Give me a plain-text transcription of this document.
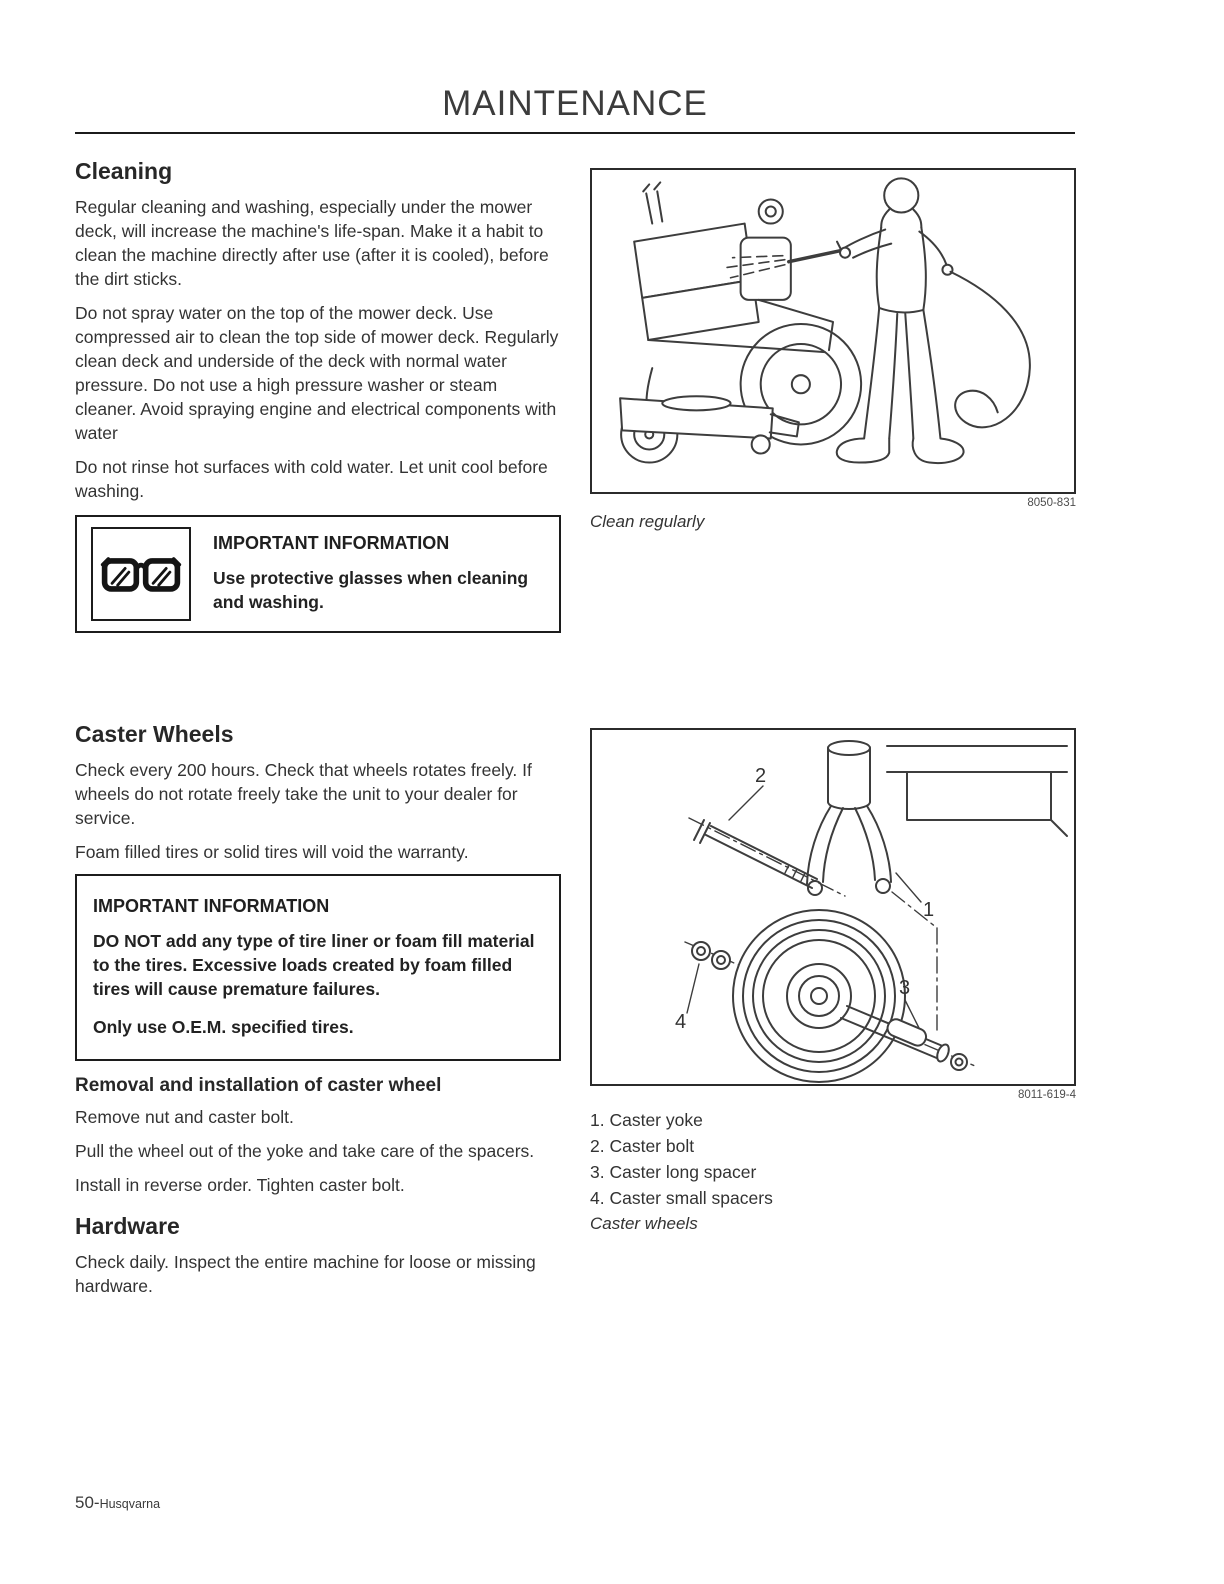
MAINTENANCE
Cleaning

Regular cleaning and washing, especially under the mower deck, will increase the machine's life-span. Make it a habit to clean the machine directly after use (after it is cooled), before the dirt sticks.

Do not spray water on the top of the mower deck. Use compressed air to clean the top side of mower deck. Regularly clean deck and underside of the deck with normal water pressure. Do not use a high pressure washer or steam cleaner. Avoid spraying engine and electrical components with water

Do not rinse hot surfaces with cold water. Let unit cool before washing.

IMPORTANT INFORMATION
Use protective glasses when cleaning and washing.
Caster Wheels

Check every 200 hours. Check that wheels rotates freely. If wheels do not rotate freely take the unit to your dealer for service.

Foam filled tires or solid tires will void the warranty.

IMPORTANT INFORMATION
DO NOT add any type of tire liner or foam fill material to the tires. Excessive loads created by foam filled tires will cause premature failures.
Only use O.E.M. specified tires.
Removal and installation of caster wheel

Remove nut and caster bolt.

Pull the wheel out of the yoke and take care of the spacers.

Install in reverse order. Tighten caster bolt.

Hardware

Check daily. Inspect the entire machine for loose or missing hardware.

8050-831
Clean regularly
1
2
3
4
8011-619-4
1. Caster yoke
2. Caster bolt
3. Caster long spacer
4. Caster small spacers
Caster wheels
50-Husqvarna
